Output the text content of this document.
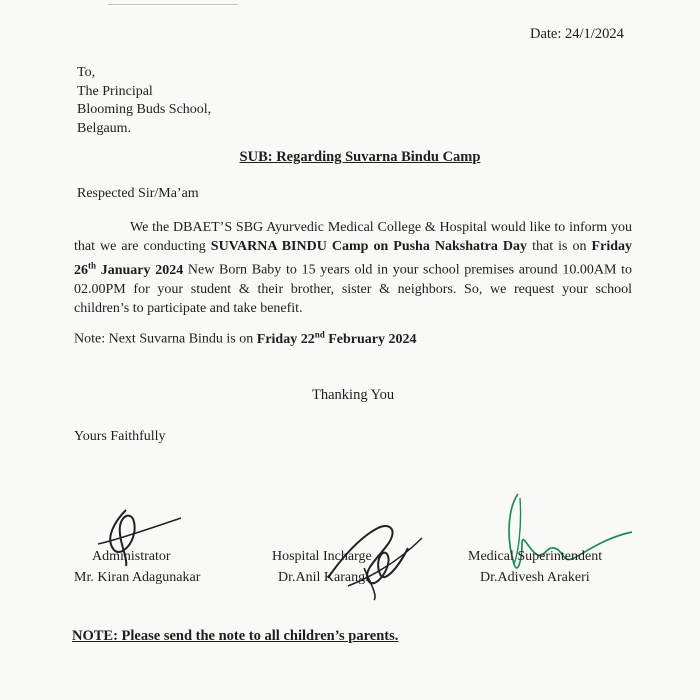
Date: 24/1/2024
To,
The Principal
Blooming Buds School,
Belgaum.
SUB: Regarding Suvarna Bindu Camp
Respected Sir/Ma’am
We the DBAET’S SBG Ayurvedic Medical College & Hospital would like to inform you that we are conducting SUVARNA BINDU Camp on Pusha Nakshatra Day that is on Friday 26th January 2024 New Born Baby to 15 years old in your school premises around 10.00AM to 02.00PM for your student & their brother, sister & neighbors. So, we request your school children’s to participate and take benefit.
Note: Next Suvarna Bindu is on Friday 22nd February 2024
Thanking You
Yours Faithfully
Administrator
Mr. Kiran Adagunakar
Hospital Incharge
Dr.Anil Karangi
Medical Superintendent
Dr.Adivesh Arakeri
NOTE: Please send the note to all children’s parents.
